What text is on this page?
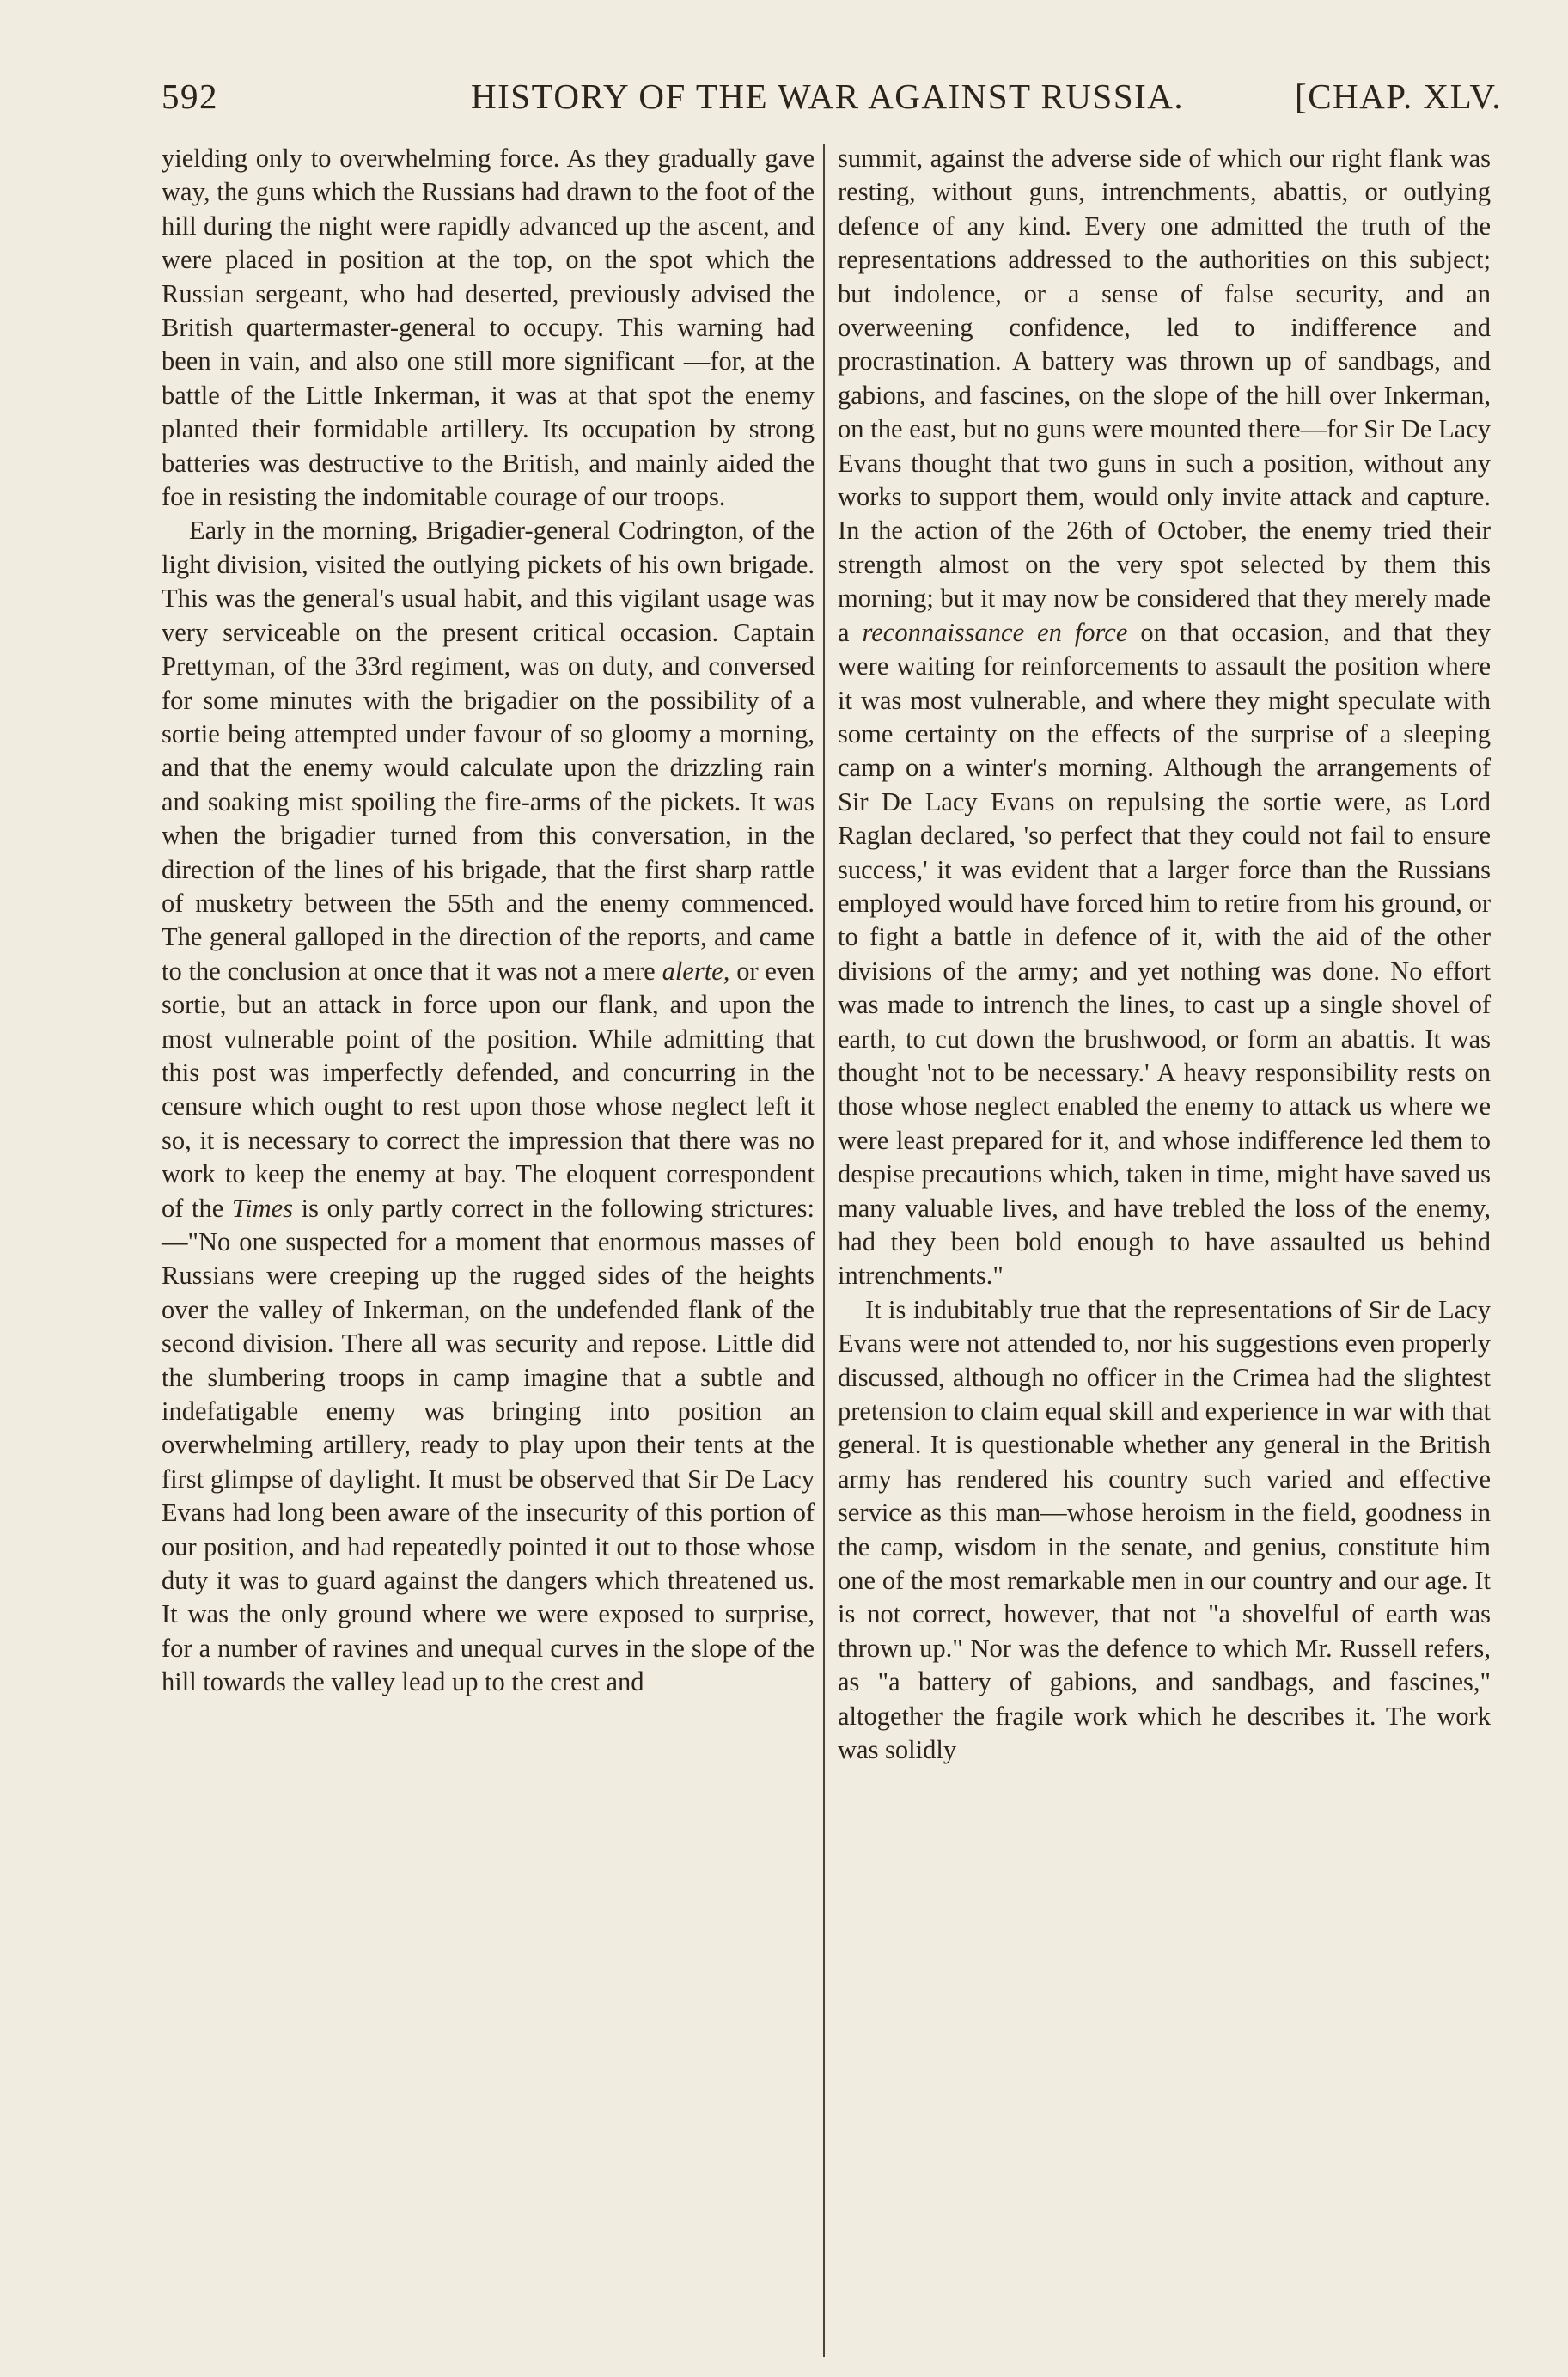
592	HISTORY OF THE WAR AGAINST RUSSIA.	[CHAP. XLV.

yielding only to overwhelming force. As they gradually gave way, the guns which the Russians had drawn to the foot of the hill during the night were rapidly advanced up the ascent, and were placed in position at the top, on the spot which the Russian sergeant, who had deserted, previously advised the British quartermaster-general to occupy. This warning had been in vain, and also one still more significant —for, at the battle of the Little Inkerman, it was at that spot the enemy planted their formidable artillery. Its occupation by strong batteries was destructive to the British, and mainly aided the foe in resisting the indomitable courage of our troops.

Early in the morning, Brigadier-general Codrington, of the light division, visited the outlying pickets of his own brigade. This was the general's usual habit, and this vigilant usage was very serviceable on the present critical occasion. Captain Prettyman, of the 33rd regiment, was on duty, and conversed for some minutes with the brigadier on the possibility of a sortie being attempted under favour of so gloomy a morning, and that the enemy would calculate upon the drizzling rain and soaking mist spoiling the fire-arms of the pickets. It was when the brigadier turned from this conversation, in the direction of the lines of his brigade, that the first sharp rattle of musketry between the 55th and the enemy commenced. The general galloped in the direction of the reports, and came to the conclusion at once that it was not a mere alerte, or even sortie, but an attack in force upon our flank, and upon the most vulnerable point of the position. While admitting that this post was imperfectly defended, and concurring in the censure which ought to rest upon those whose neglect left it so, it is necessary to correct the impression that there was no work to keep the enemy at bay. The eloquent correspondent of the Times is only partly correct in the following strictures:—"No one suspected for a moment that enormous masses of Russians were creeping up the rugged sides of the heights over the valley of Inkerman, on the undefended flank of the second division. There all was security and repose. Little did the slumbering troops in camp imagine that a subtle and indefatigable enemy was bringing into position an overwhelming artillery, ready to play upon their tents at the first glimpse of daylight. It must be observed that Sir De Lacy Evans had long been aware of the insecurity of this portion of our position, and had repeatedly pointed it out to those whose duty it was to guard against the dangers which threatened us. It was the only ground where we were exposed to surprise, for a number of ravines and unequal curves in the slope of the hill towards the valley lead up to the crest and

summit, against the adverse side of which our right flank was resting, without guns, intrenchments, abattis, or outlying defence of any kind. Every one admitted the truth of the representations addressed to the authorities on this subject; but indolence, or a sense of false security, and an overweening confidence, led to indifference and procrastination. A battery was thrown up of sandbags, and gabions, and fascines, on the slope of the hill over Inkerman, on the east, but no guns were mounted there—for Sir De Lacy Evans thought that two guns in such a position, without any works to support them, would only invite attack and capture. In the action of the 26th of October, the enemy tried their strength almost on the very spot selected by them this morning; but it may now be considered that they merely made a reconnaissance en force on that occasion, and that they were waiting for reinforcements to assault the position where it was most vulnerable, and where they might speculate with some certainty on the effects of the surprise of a sleeping camp on a winter's morning. Although the arrangements of Sir De Lacy Evans on repulsing the sortie were, as Lord Raglan declared, 'so perfect that they could not fail to ensure success,' it was evident that a larger force than the Russians employed would have forced him to retire from his ground, or to fight a battle in defence of it, with the aid of the other divisions of the army; and yet nothing was done. No effort was made to intrench the lines, to cast up a single shovel of earth, to cut down the brushwood, or form an abattis. It was thought 'not to be necessary.' A heavy responsibility rests on those whose neglect enabled the enemy to attack us where we were least prepared for it, and whose indifference led them to despise precautions which, taken in time, might have saved us many valuable lives, and have trebled the loss of the enemy, had they been bold enough to have assaulted us behind intrenchments."

It is indubitably true that the representations of Sir de Lacy Evans were not attended to, nor his suggestions even properly discussed, although no officer in the Crimea had the slightest pretension to claim equal skill and experience in war with that general. It is questionable whether any general in the British army has rendered his country such varied and effective service as this man—whose heroism in the field, goodness in the camp, wisdom in the senate, and genius, constitute him one of the most remarkable men in our country and our age. It is not correct, however, that not "a shovelful of earth was thrown up." Nor was the defence to which Mr. Russell refers, as "a battery of gabions, and sandbags, and fascines," altogether the fragile work which he describes it. The work was solidly
